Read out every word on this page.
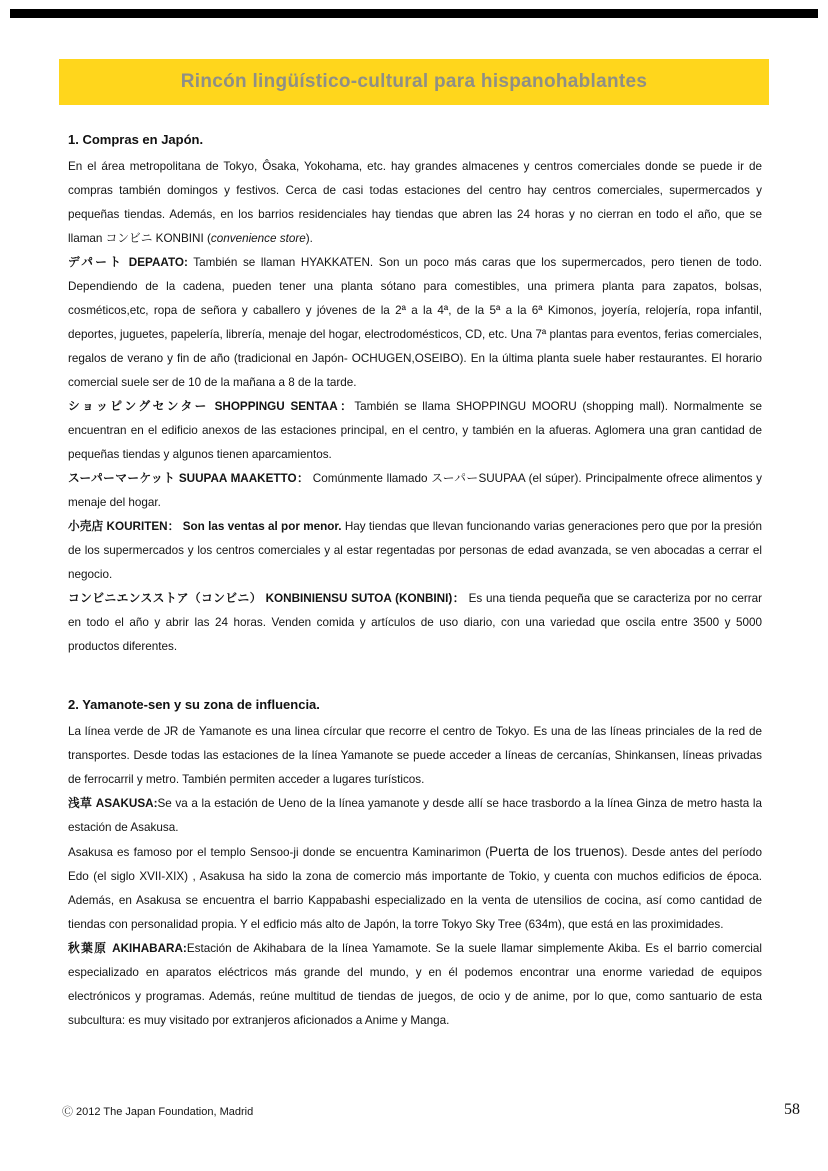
Rincón lingüístico-cultural para hispanohablantes
1. Compras en Japón.

En el área metropolitana de Tokyo, Ôsaka, Yokohama, etc. hay grandes almacenes y centros comerciales donde se puede ir de compras también domingos y festivos. Cerca de casi todas estaciones del centro hay centros comerciales, supermercados y pequeñas tiendas. Además, en los barrios residenciales hay tiendas que abren las 24 horas y no cierran en todo el año, que se llaman コンビニ KONBINI (convenience store).

デパート DEPAATO: También se llaman HYAKKATEN. Son un poco más caras que los supermercados, pero tienen de todo. Dependiendo de la cadena, pueden tener una planta sótano para comestibles, una primera planta para zapatos, bolsas, cosméticos,etc, ropa de señora y caballero y jóvenes de la 2ª a la 4ª, de la 5ª a la 6ª Kimonos, joyería, relojería, ropa infantil, deportes, juguetes, papelería, librería, menaje del hogar, electrodomésticos, CD, etc. Una 7ª plantas para eventos, ferias comerciales, regalos de verano y fin de año (tradicional en Japón- OCHUGEN,OSEIBO). En la última planta suele haber restaurantes. El horario comercial suele ser de 10 de la mañana a 8 de la tarde.

ショッピングセンター SHOPPINGU SENTAA：También se llama SHOPPINGU MOORU (shopping mall). Normalmente se encuentran en el edificio anexos de las estaciones principal, en el centro, y también en la afueras. Aglomera una gran cantidad de pequeñas tiendas y algunos tienen aparcamientos.

スーパーマーケット SUUPAA MAAKETTO： Comúnmente llamado スーパーSUUPAA (el súper). Principalmente ofrece alimentos y menaje del hogar.

小売店 KOURITEN： Son las ventas al por menor. Hay tiendas que llevan funcionando varias generaciones pero que por la presión de los supermercados y los centros comerciales y al estar regentadas por personas de edad avanzada, se ven abocadas a cerrar el negocio.

コンビニエンスストア（コンビニ） KONBINIENSU SUTOA (KONBINI)： Es una tienda pequeña que se caracteriza por no cerrar en todo el año y abrir las 24 horas. Venden comida y artículos de uso diario, con una variedad que oscila entre 3500 y 5000 productos diferentes.

2. Yamanote-sen y su zona de influencia.

La línea verde de JR de Yamanote es una linea círcular que recorre el centro de Tokyo. Es una de las líneas princiales de la red de transportes. Desde todas las estaciones de la línea Yamanote se puede acceder a líneas de cercanías, Shinkansen, líneas privadas de ferrocarril y metro. También permiten acceder a lugares turísticos.

浅草 ASAKUSA:Se va a la estación de Ueno de la línea yamanote y desde allí se hace trasbordo a la línea Ginza de metro hasta la estación de Asakusa.

Asakusa es famoso por el templo Sensoo-ji donde se encuentra Kaminarimon (Puerta de los truenos). Desde antes del período Edo (el siglo XVII-XIX) , Asakusa ha sido la zona de comercio más importante de Tokio, y cuenta con muchos edificios de época. Además, en Asakusa se encuentra el barrio Kappabashi especializado en la venta de utensilios de cocina, así como cantidad de tiendas con personalidad propia. Y el edficio más alto de Japón, la torre Tokyo Sky Tree (634m), que está en las proximidades.

秋葉原 AKIHABARA:Estación de Akihabara de la línea Yamamote. Se la suele llamar simplemente Akiba. Es el barrio comercial especializado en aparatos eléctricos más grande del mundo, y en él podemos encontrar una enorme variedad de equipos electrónicos y programas. Además, reúne multitud de tiendas de juegos, de ocio y de anime, por lo que, como santuario de esta subcultura: es muy visitado por extranjeros aficionados a Anime y Manga.

Ⓒ 2012 The Japan Foundation, Madrid	58
